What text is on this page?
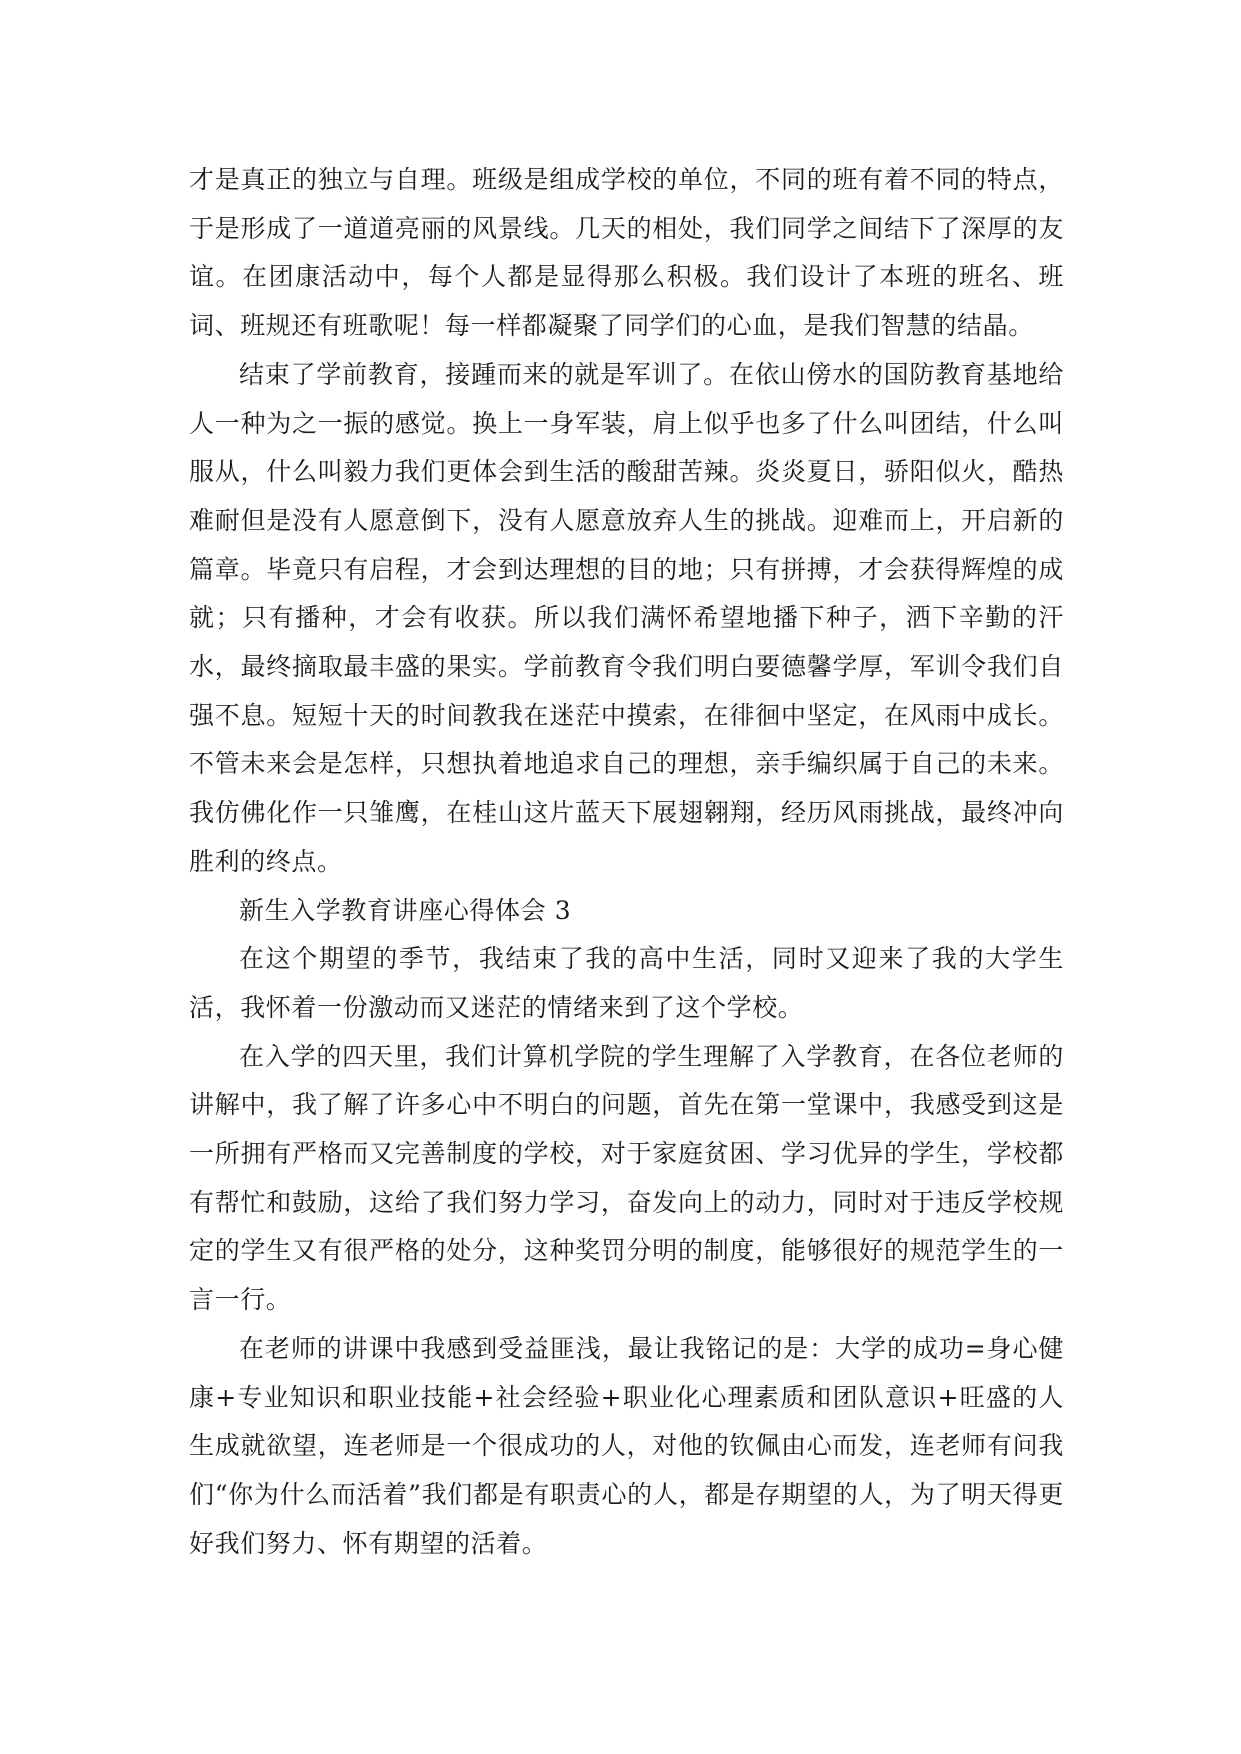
才是真正的独立与自理。班级是组成学校的单位，不同的班有着不同的特点，于是形成了一道道亮丽的风景线。几天的相处，我们同学之间结下了深厚的友谊。在团康活动中，每个人都是显得那么积极。我们设计了本班的班名、班词、班规还有班歌呢！每一样都凝聚了同学们的心血，是我们智慧的结晶。

结束了学前教育，接踵而来的就是军训了。在依山傍水的国防教育基地给人一种为之一振的感觉。换上一身军装，肩上似乎也多了什么叫团结，什么叫服从，什么叫毅力我们更体会到生活的酸甜苦辣。炎炎夏日，骄阳似火，酷热难耐但是没有人愿意倒下，没有人愿意放弃人生的挑战。迎难而上，开启新的篇章。毕竟只有启程，才会到达理想的目的地；只有拼搏，才会获得辉煌的成就；只有播种，才会有收获。所以我们满怀希望地播下种子，洒下辛勤的汗水，最终摘取最丰盛的果实。学前教育令我们明白要德馨学厚，军训令我们自强不息。短短十天的时间教我在迷茫中摸索，在徘徊中坚定，在风雨中成长。不管未来会是怎样，只想执着地追求自己的理想，亲手编织属于自己的未来。我仿佛化作一只雏鹰，在桂山这片蓝天下展翅翱翔，经历风雨挑战，最终冲向胜利的终点。

新生入学教育讲座心得体会 3

在这个期望的季节，我结束了我的高中生活，同时又迎来了我的大学生活，我怀着一份激动而又迷茫的情绪来到了这个学校。

在入学的四天里，我们计算机学院的学生理解了入学教育，在各位老师的讲解中，我了解了许多心中不明白的问题，首先在第一堂课中，我感受到这是一所拥有严格而又完善制度的学校，对于家庭贫困、学习优异的学生，学校都有帮忙和鼓励，这给了我们努力学习，奋发向上的动力，同时对于违反学校规定的学生又有很严格的处分，这种奖罚分明的制度，能够很好的规范学生的一言一行。

在老师的讲课中我感到受益匪浅，最让我铭记的是：大学的成功=身心健康+专业知识和职业技能+社会经验+职业化心理素质和团队意识+旺盛的人生成就欲望，连老师是一个很成功的人，对他的钦佩由心而发，连老师有问我们“你为什么而活着”我们都是有职责心的人，都是存期望的人，为了明天得更好我们努力、怀有期望的活着。
